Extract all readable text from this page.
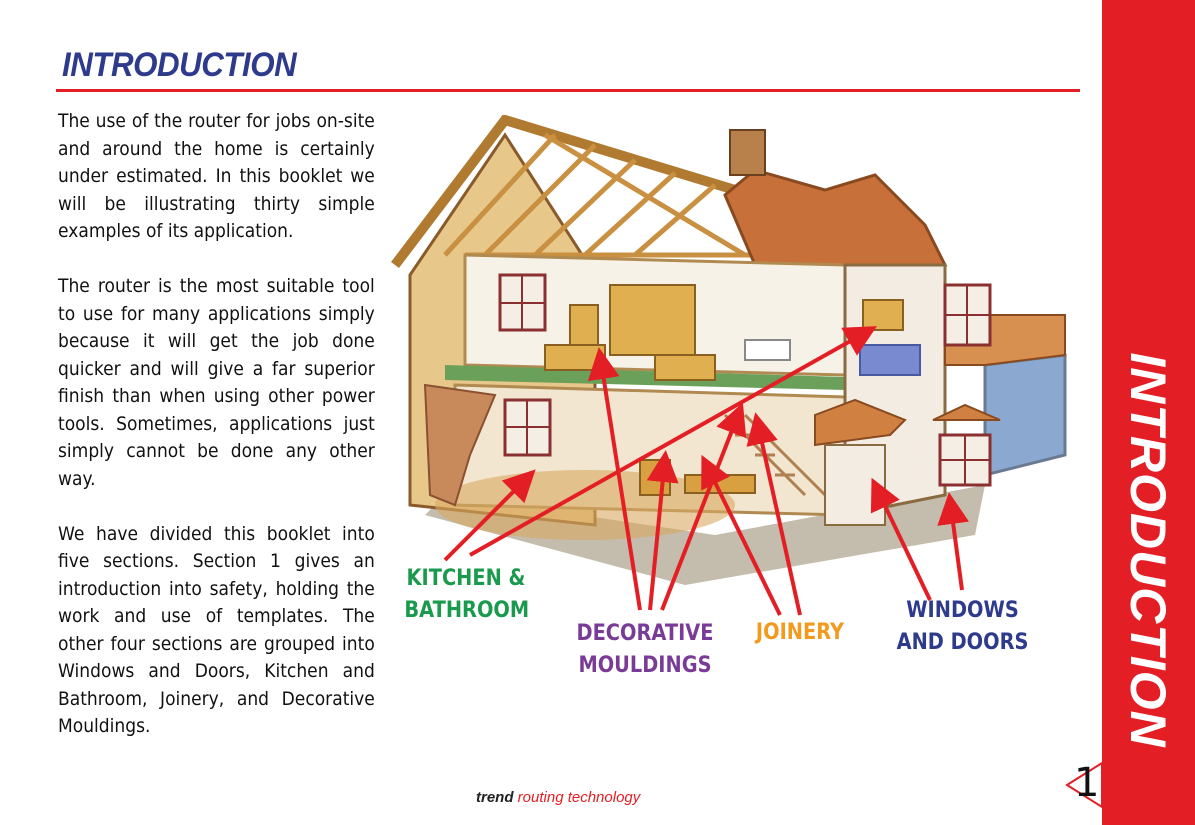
INTRODUCTION

The use of the router for jobs on-site and around the home is certainly under estimated. In this booklet we will be illustrating thirty simple examples of its application.

The router is the most suitable tool to use for many applications simply because it will get the job done quicker and will give a far superior finish than when using other power tools. Sometimes, applications just simply cannot be done any other way.

We have divided this booklet into five sections. Section 1 gives an introduction into safety, holding the work and use of templates. The other four sections are grouped into Windows and Doors, Kitchen and Bathroom, Joinery, and Decorative Mouldings.

KITCHEN &
BATHROOM
DECORATIVE
MOULDINGS
JOINERY
WINDOWS
AND DOORS INTRODUCTION
trend routing technology	1
